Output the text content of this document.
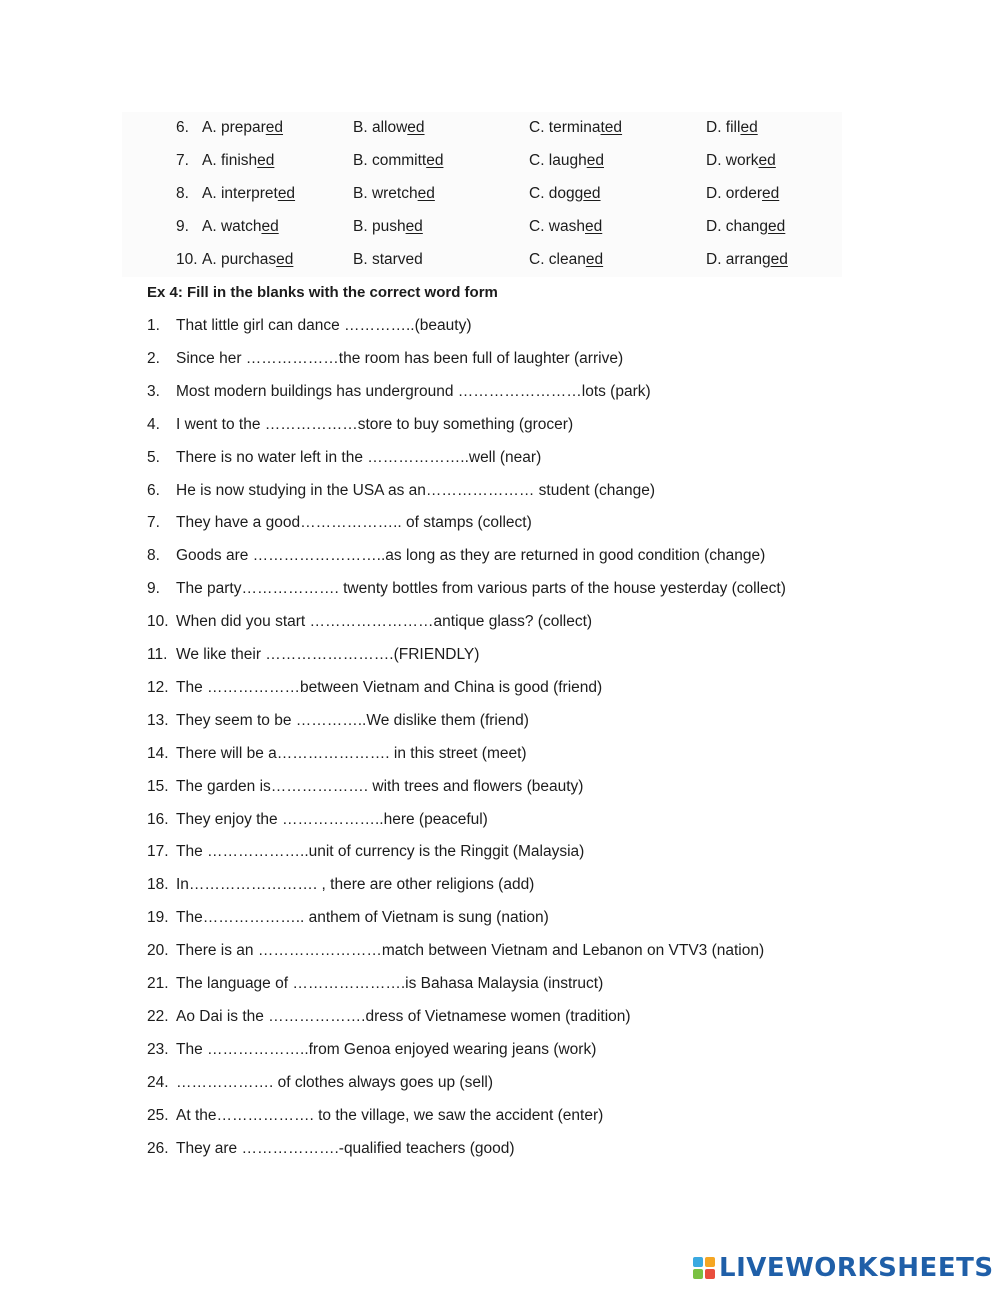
6. A. prepared	B. allowed	C. terminated	D. filled
7. A. finished	B. committed	C. laughed	D. worked
8. A. interpreted	B. wretched	C. dogged	D. ordered
9. A. watched	B. pushed	C. washed	D. changed
10. A. purchased	B. starved	C. cleaned	D. arranged
Ex 4: Fill in the blanks with the correct word form
1. That little girl can dance …………..(beauty)
2. Since her ………………the room has been full of laughter (arrive)
3. Most modern buildings has underground ……………………lots (park)
4. I went to the ………………store to buy something (grocer)
5. There is no water left in the ………………..well (near)
6. He is now studying in the USA as an………………… student (change)
7. They have a good……………….. of stamps (collect)
8. Goods are ……………………..as long as they are returned in good condition (change)
9. The party………………. twenty bottles from various parts of the house yesterday (collect)
10. When did you start ……………………antique glass? (collect)
11. We like their …………………….(FRIENDLY)
12. The ………………between Vietnam and China is good (friend)
13. They seem to be …………..We dislike them (friend)
14. There will be a…………………. in this street (meet)
15. The garden is………………. with trees and flowers (beauty)
16. They enjoy the ………………..here (peaceful)
17. The ………………..unit of currency is the Ringgit (Malaysia)
18. In……………………. , there are other religions (add)
19. The……………….. anthem of Vietnam is sung (nation)
20. There is an ……………………match between Vietnam and Lebanon on VTV3 (nation)
21. The language of ………………….is Bahasa Malaysia (instruct)
22. Ao Dai is the ……………….dress of Vietnamese women (tradition)
23. The ………………..from Genoa enjoyed wearing jeans (work)
24. ………………. of clothes always goes up (sell)
25. At the………………. to the village, we saw the accident (enter)
26. They are ……………….-qualified teachers (good)
LIVEWORKSHEETS
